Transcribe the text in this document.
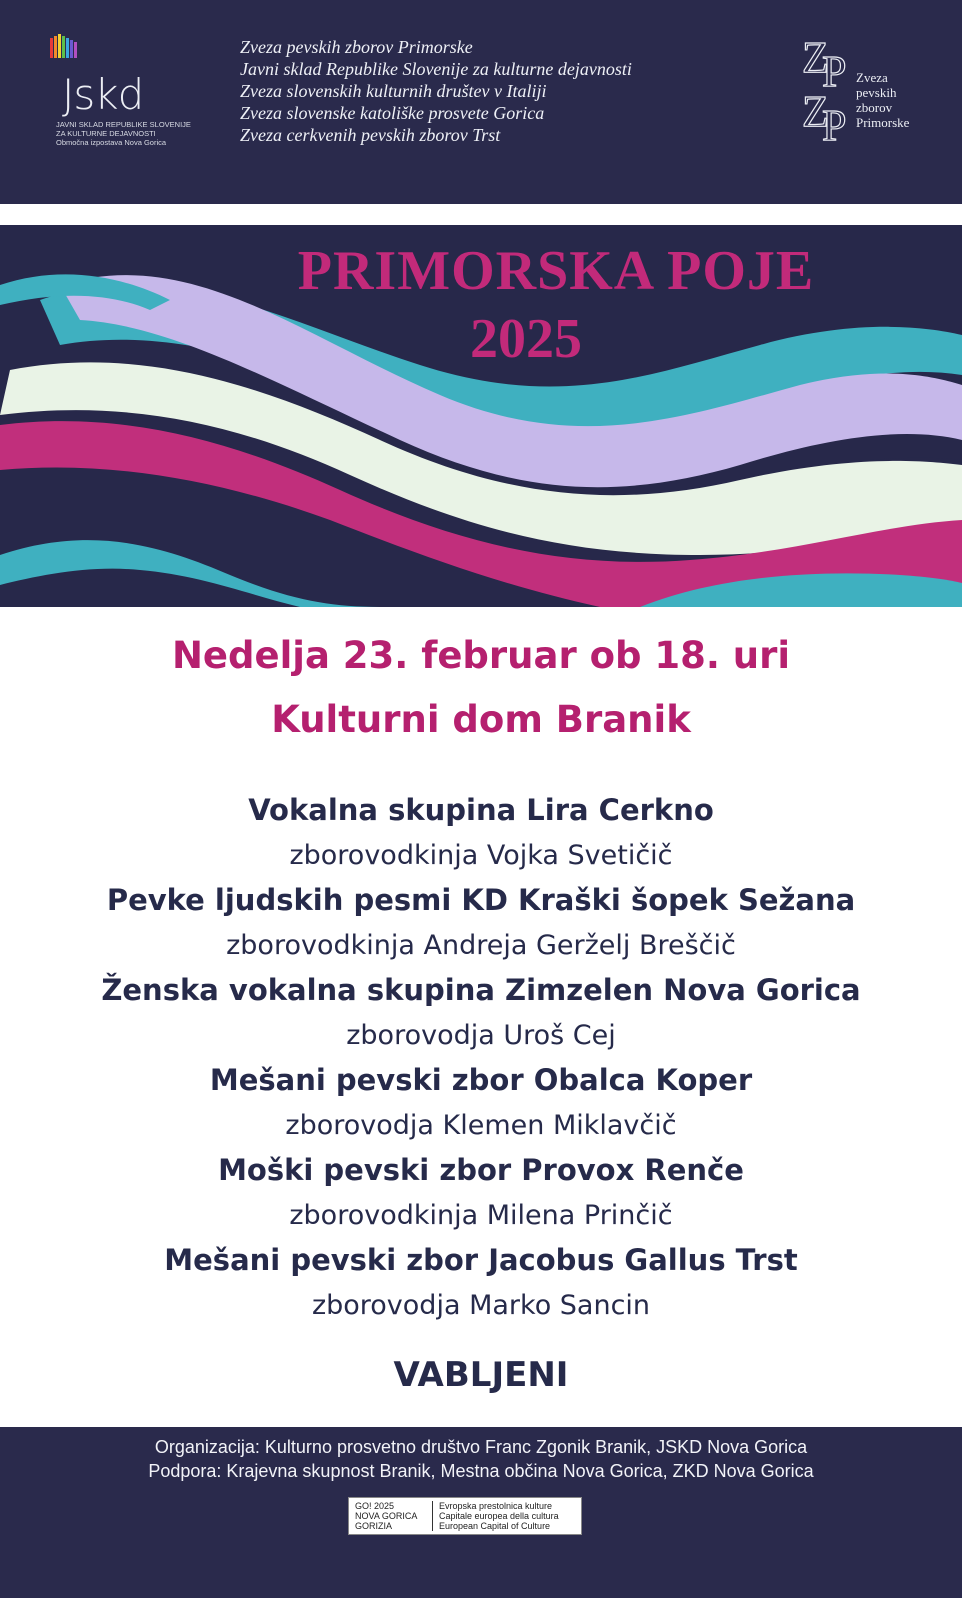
Jskd
JAVNI SKLAD REPUBLIKE SLOVENIJE
ZA KULTURNE DEJAVNOSTI
Območna izpostava Nova Gorica
Zveza pevskih zborov Primorske
Javni sklad Republike Slovenije za kulturne dejavnosti
Zveza slovenskih kulturnih društev v Italiji
Zveza slovenske katoliške prosvete Gorica
Zveza cerkvenih pevskih zborov Trst
Z
P
Z
P
Zveza
pevskih
zborov
Primorske
PRIMORSKA POJE
2025
Nedelja 23. februar ob 18. uri
Kulturni dom Branik
Vokalna skupina Lira Cerkno
zborovodkinja Vojka Svetičič
Pevke ljudskih pesmi KD Kraški šopek Sežana
zborovodkinja Andreja Gerželj Breščič
Ženska vokalna skupina Zimzelen Nova Gorica
zborovodja Uroš Cej
Mešani pevski zbor Obalca Koper
zborovodja Klemen Miklavčič
Moški pevski zbor Provox Renče
zborovodkinja Milena Prinčič
Mešani pevski zbor Jacobus Gallus Trst
zborovodja Marko Sancin
VABLJENI
Organizacija: Kulturno prosvetno društvo Franc Zgonik Branik, JSKD Nova Gorica
Podpora: Krajevna skupnost Branik, Mestna občina Nova Gorica, ZKD Nova Gorica
GO! 2025
NOVA GORICA
GORIZIA
Evropska prestolnica kulture
Capitale europea della cultura
European Capital of Culture
